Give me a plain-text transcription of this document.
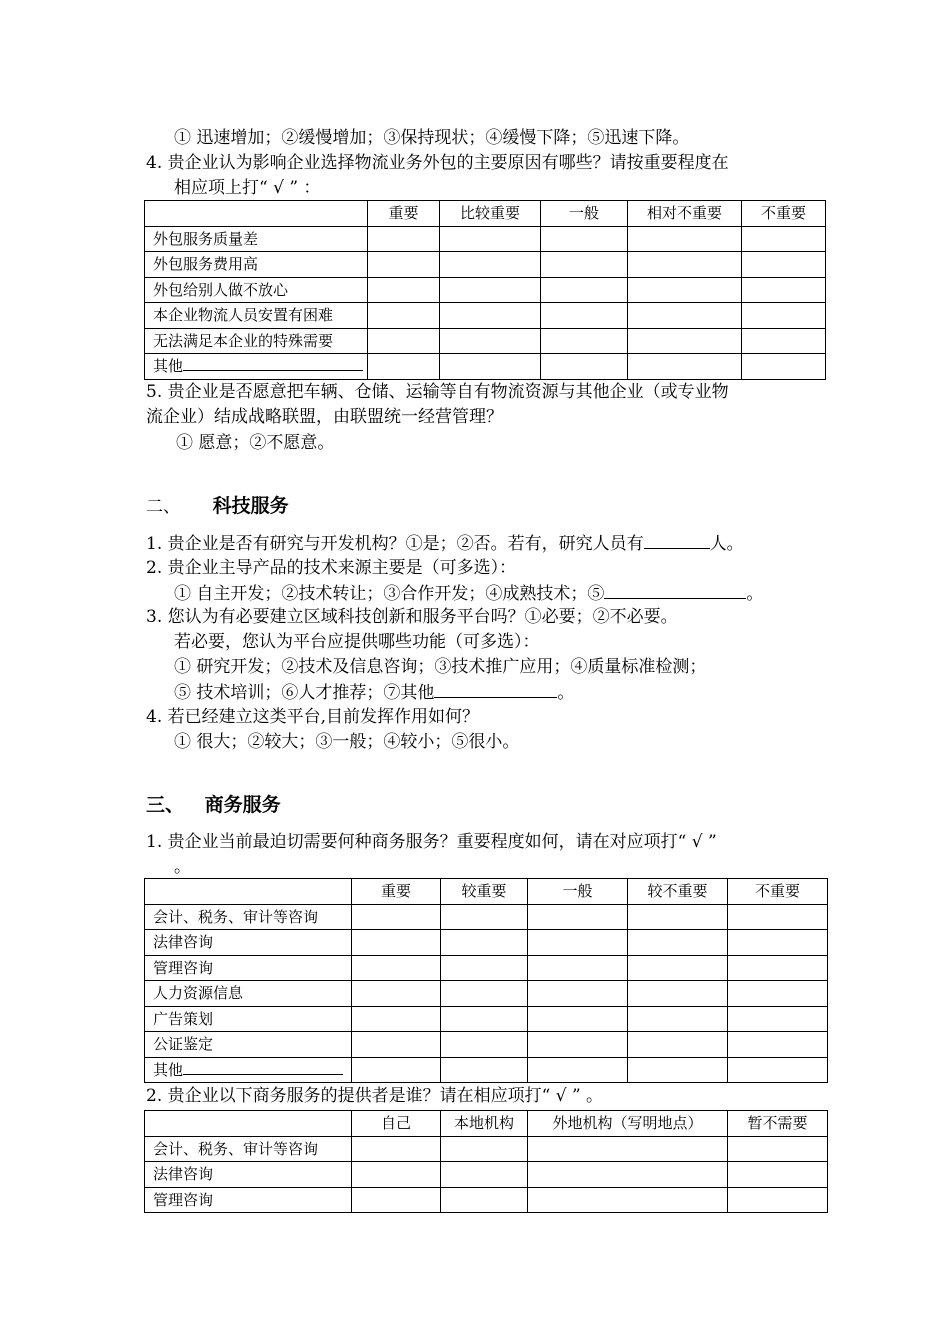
① 迅速增加；②缓慢增加；③保持现状；④缓慢下降；⑤迅速下降。
4. 贵企业认为影响企业选择物流业务外包的主要原因有哪些？请按重要程度在
相应项上打“ √ ” ：
	重要	比较重要	一般	相对不重要	不重要
外包服务质量差					
外包服务费用高					
外包给别人做不放心					
本企业物流人员安置有困难					
无法满足本企业的特殊需要					
其他					
5. 贵企业是否愿意把车辆、仓储、运输等自有物流资源与其他企业（或专业物
流企业）结成战略联盟，由联盟统一经营管理？
① 愿意；②不愿意。
二、 科技服务
1. 贵企业是否有研究与开发机构？①是；②否。若有，研究人员有	人。
2. 贵企业主导产品的技术来源主要是（可多选）：
① 自主开发；②技术转让；③合作开发；④成熟技术；⑤	。
3. 您认为有必要建立区域科技创新和服务平台吗？①必要；②不必要。
若必要，您认为平台应提供哪些功能（可多选）：
① 研究开发；②技术及信息咨询；③技术推广应用；④质量标准检测；
⑤ 技术培训；⑥人才推荐；⑦其他	。
4. 若已经建立这类平台,目前发挥作用如何？
① 很大；②较大；③一般；④较小；⑤很小。
三、 商务服务
1. 贵企业当前最迫切需要何种商务服务？重要程度如何，请在对应项打“ √ ”
。
	重要	较重要	一般	较不重要	不重要
会计、税务、审计等咨询					
法律咨询					
管理咨询					
人力资源信息					
广告策划					
公证鉴定					
其他					
2. 贵企业以下商务服务的提供者是谁？请在相应项打“ √ ” 。
	自己	本地机构	外地机构（写明地点）	暂不需要
会计、税务、审计等咨询				
法律咨询				
管理咨询				
